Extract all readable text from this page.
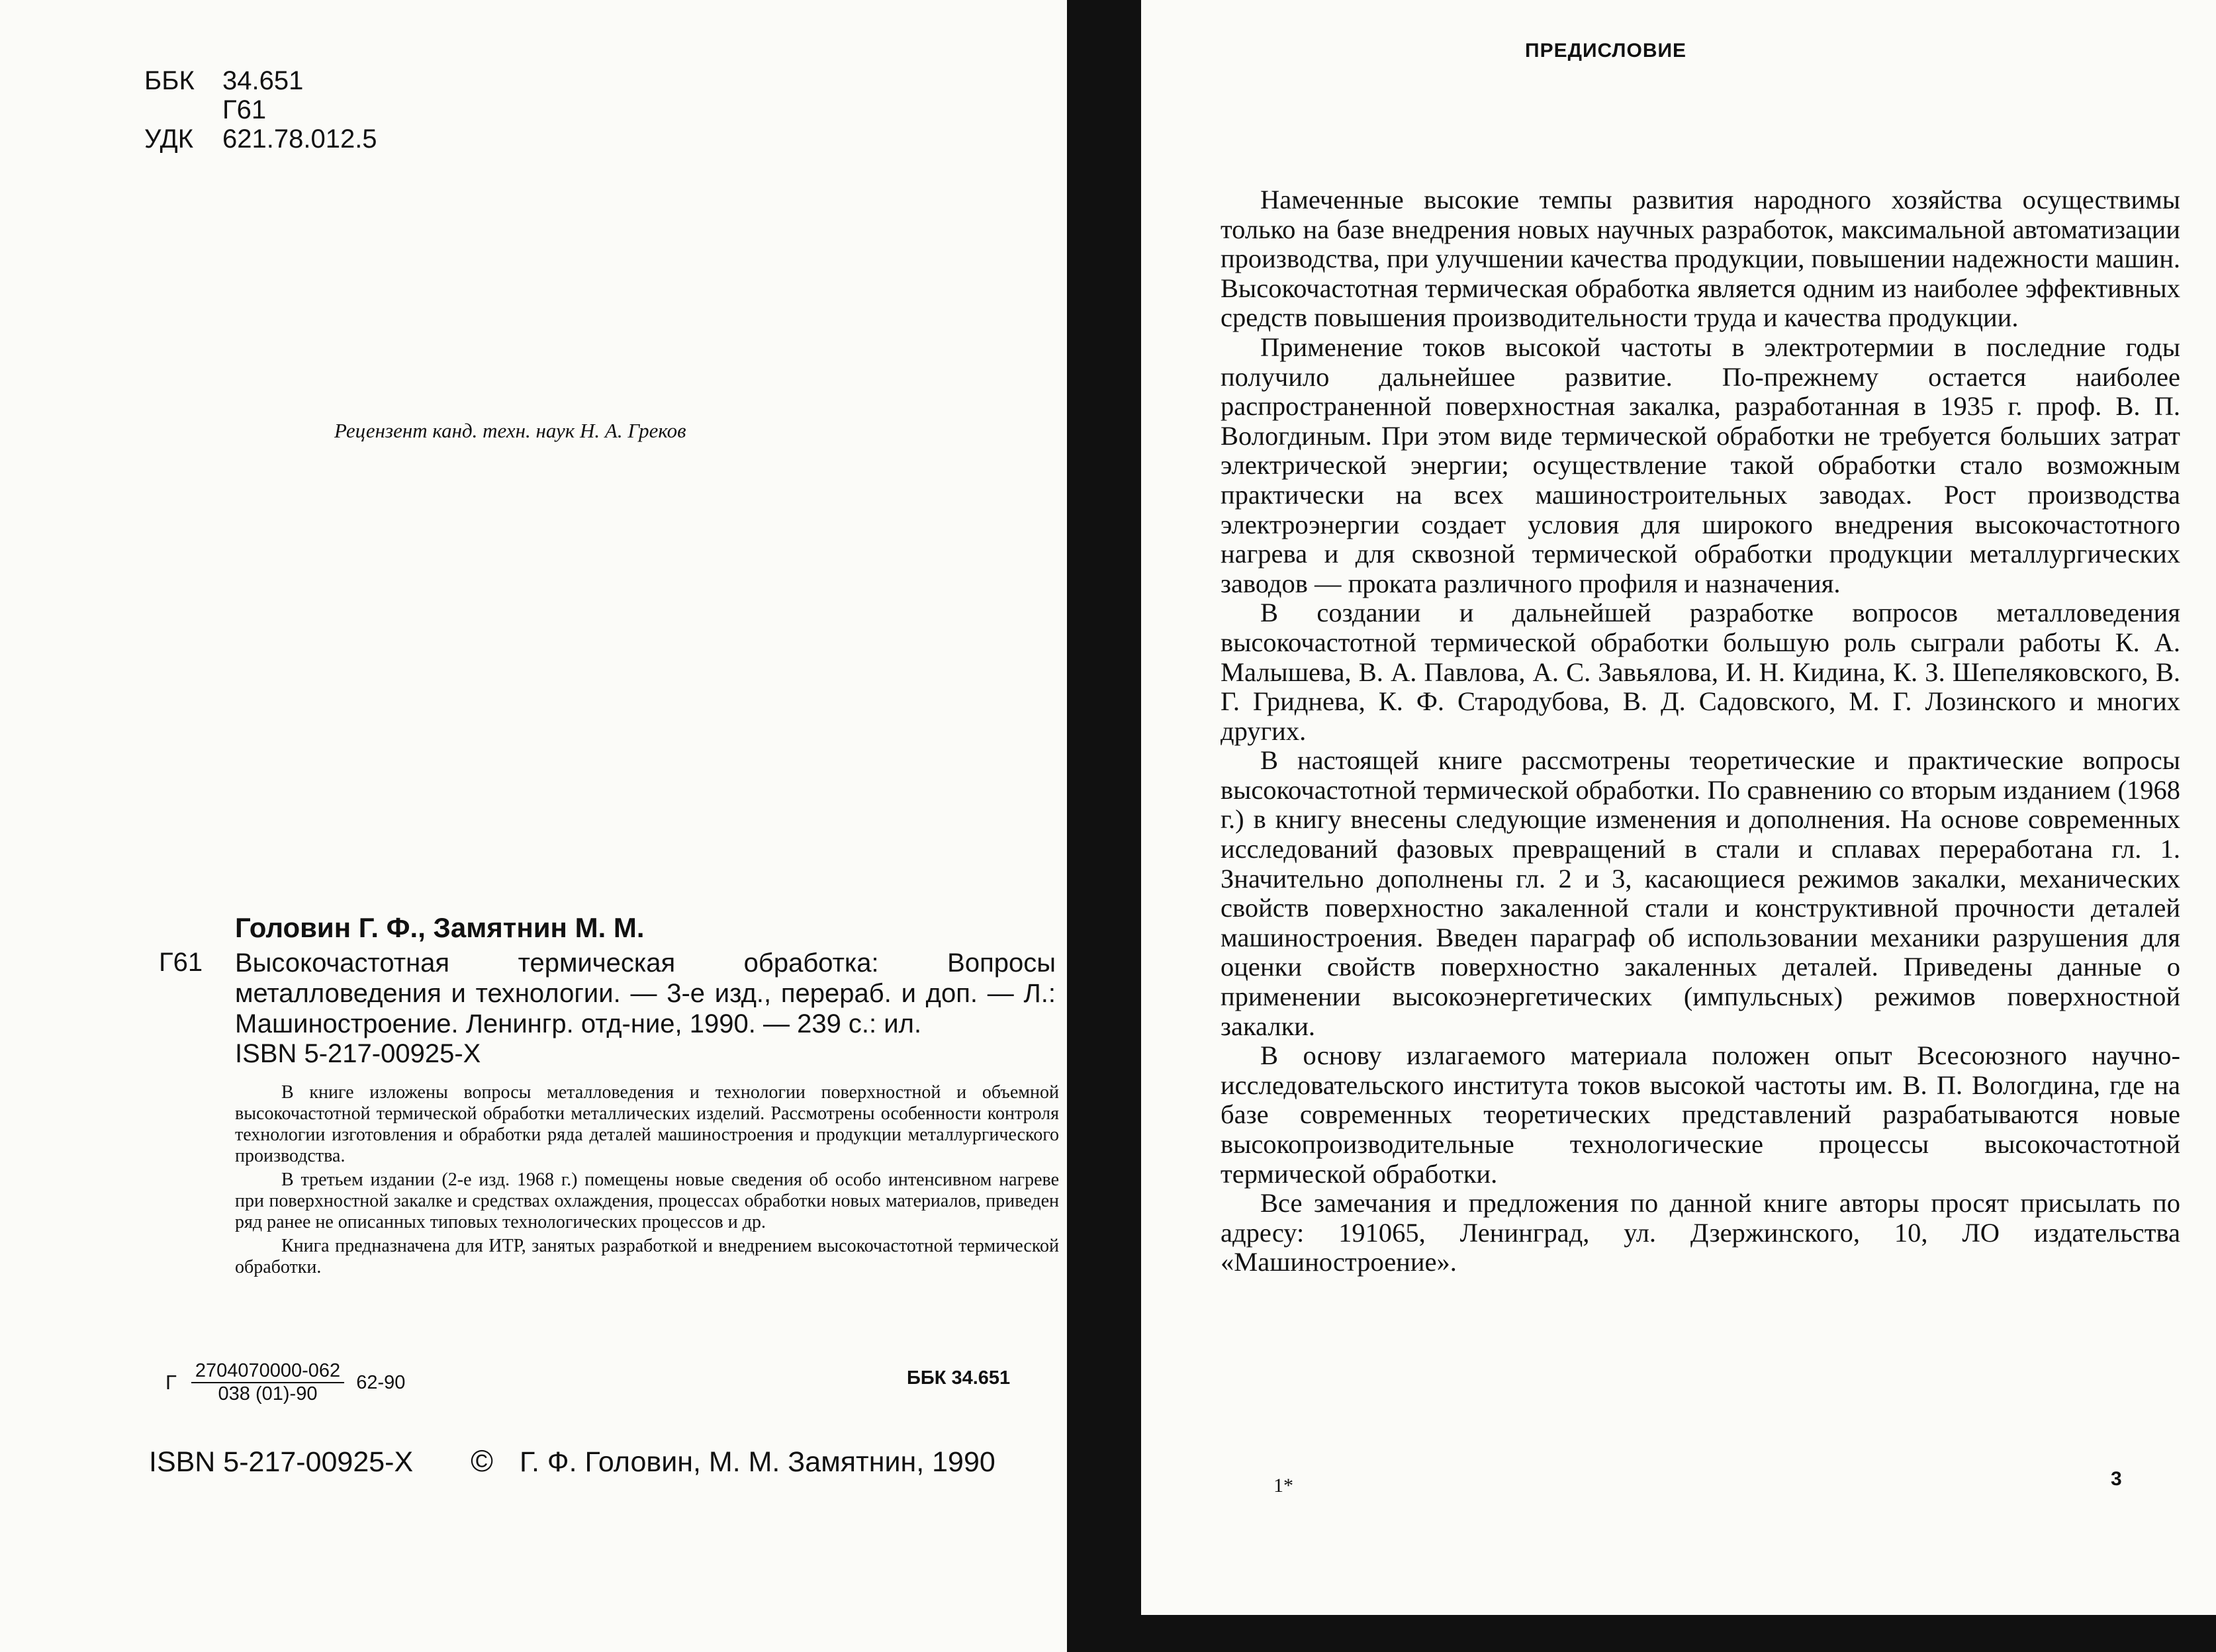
ББК	34.651
Г61
УДК	621.78.012.5
Рецензент канд. техн. наук Н. А. Греков
Головин Г. Ф., Замятнин М. М.
Г61 Высокочастотная термическая обработка: Вопросы металловедения и технологии. — 3-е изд., перераб. и доп. — Л.: Машиностроение. Ленингр. отд-ние, 1990. — 239 с.: ил.
ISBN 5-217-00925-X

В книге изложены вопросы металловедения и технологии поверхностной и объемной высокочастотной термической обработки металлических изделий. Рассмотрены особенности контроля технологии изготовления и обработки ряда деталей машиностроения и продукции металлургического производства.

В третьем издании (2-е изд. 1968 г.) помещены новые сведения об особо интенсивном нагреве при поверхностной закалке и средствах охлаждения, процессах обработки новых материалов, приведен ряд ранее не описанных типовых технологических процессов и др.

Книга предназначена для ИТР, занятых разработкой и внедрением высокочастотной термической обработки.

Г $\frac{2704070000-062}{038 (01)-90} 62-90$	ББК 34.651
ISBN 5-217-00925-X © Г. Ф. Головин, М. М. Замятнин, 1990
ПРЕДИСЛОВИЕ

Намеченные высокие темпы развития народного хозяйства осуществимы только на базе внедрения новых научных разработок, максимальной автоматизации производства, при улучшении качества продукции, повышении надежности машин. Высокочастотная термическая обработка является одним из наиболее эффективных средств повышения производительности труда и качества продукции.

Применение токов высокой частоты в электротермии в последние годы получило дальнейшее развитие. По-прежнему остается наиболее распространенной поверхностная закалка, разработанная в 1935 г. проф. В. П. Вологдиным. При этом виде термической обработки не требуется больших затрат электрической энергии; осуществление такой обработки стало возможным практически на всех машиностроительных заводах. Рост производства электроэнергии создает условия для широкого внедрения высокочастотного нагрева и для сквозной термической обработки продукции металлургических заводов — проката различного профиля и назначения.

В создании и дальнейшей разработке вопросов металловедения высокочастотной термической обработки большую роль сыграли работы К. А. Малышева, В. А. Павлова, А. С. Завьялова, И. Н. Кидина, К. З. Шепеляковского, В. Г. Гриднева, К. Ф. Стародубова, В. Д. Садовского, М. Г. Лозинского и многих других.

В настоящей книге рассмотрены теоретические и практические вопросы высокочастотной термической обработки. По сравнению со вторым изданием (1968 г.) в книгу внесены следующие изменения и дополнения. На основе современных исследований фазовых превращений в стали и сплавах переработана гл. 1. Значительно дополнены гл. 2 и 3, касающиеся режимов закалки, механических свойств поверхностно закаленной стали и конструктивной прочности деталей машиностроения. Введен параграф об использовании механики разрушения для оценки свойств поверхностно закаленных деталей. Приведены данные о применении высокоэнергетических (импульсных) режимов поверхностной закалки.

В основу излагаемого материала положен опыт Всесоюзного научно-исследовательского института токов высокой частоты им. В. П. Вологдина, где на базе современных теоретических представлений разрабатываются новые высокопроизводительные технологические процессы высокочастотной термической обработки.

Все замечания и предложения по данной книге авторы просят присылать по адресу: 191065, Ленинград, ул. Дзержинского, 10, ЛО издательства «Машиностроение».

1*	3
